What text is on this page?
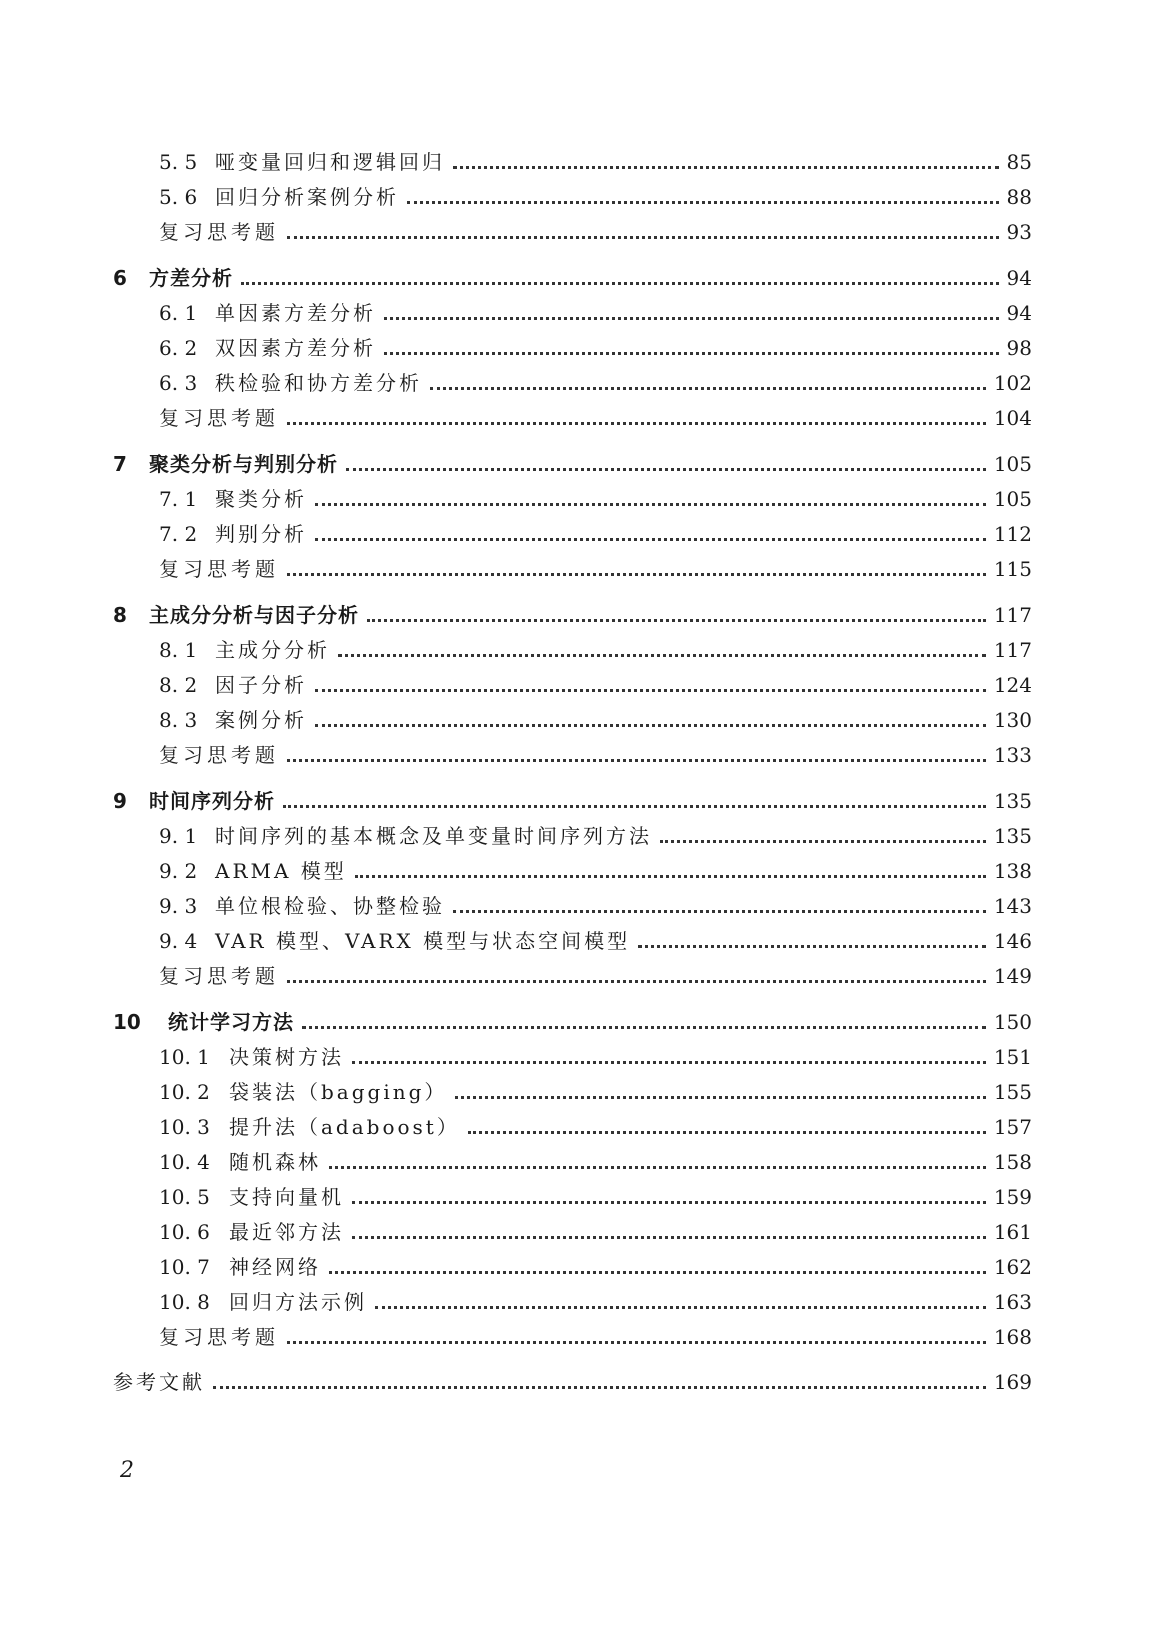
5. 5 哑变量回归和逻辑回归	85
5. 6 回归分析案例分析	88
复习思考题	93
6	方差分析	94
6. 1 单因素方差分析	94
6. 2 双因素方差分析	98
6. 3 秩检验和协方差分析	102
复习思考题	104
7	聚类分析与判别分析	105
7. 1 聚类分析	105
7. 2 判别分析	112
复习思考题	115
8	主成分分析与因子分析	117
8. 1 主成分分析	117
8. 2 因子分析	124
8. 3 案例分析	130
复习思考题	133
9	时间序列分析	135
9. 1 时间序列的基本概念及单变量时间序列方法	135
9. 2 ARMA 模型	138
9. 3 单位根检验、协整检验	143
9. 4 VAR 模型、VARX 模型与状态空间模型	146
复习思考题	149
10	统计学习方法	150
10. 1 决策树方法	151
10. 2 袋装法（bagging）	155
10. 3 提升法（adaboost）	157
10. 4 随机森林	158
10. 5 支持向量机	159
10. 6 最近邻方法	161
10. 7 神经网络	162
10. 8 回归方法示例	163
复习思考题	168
参考文献	169
2
